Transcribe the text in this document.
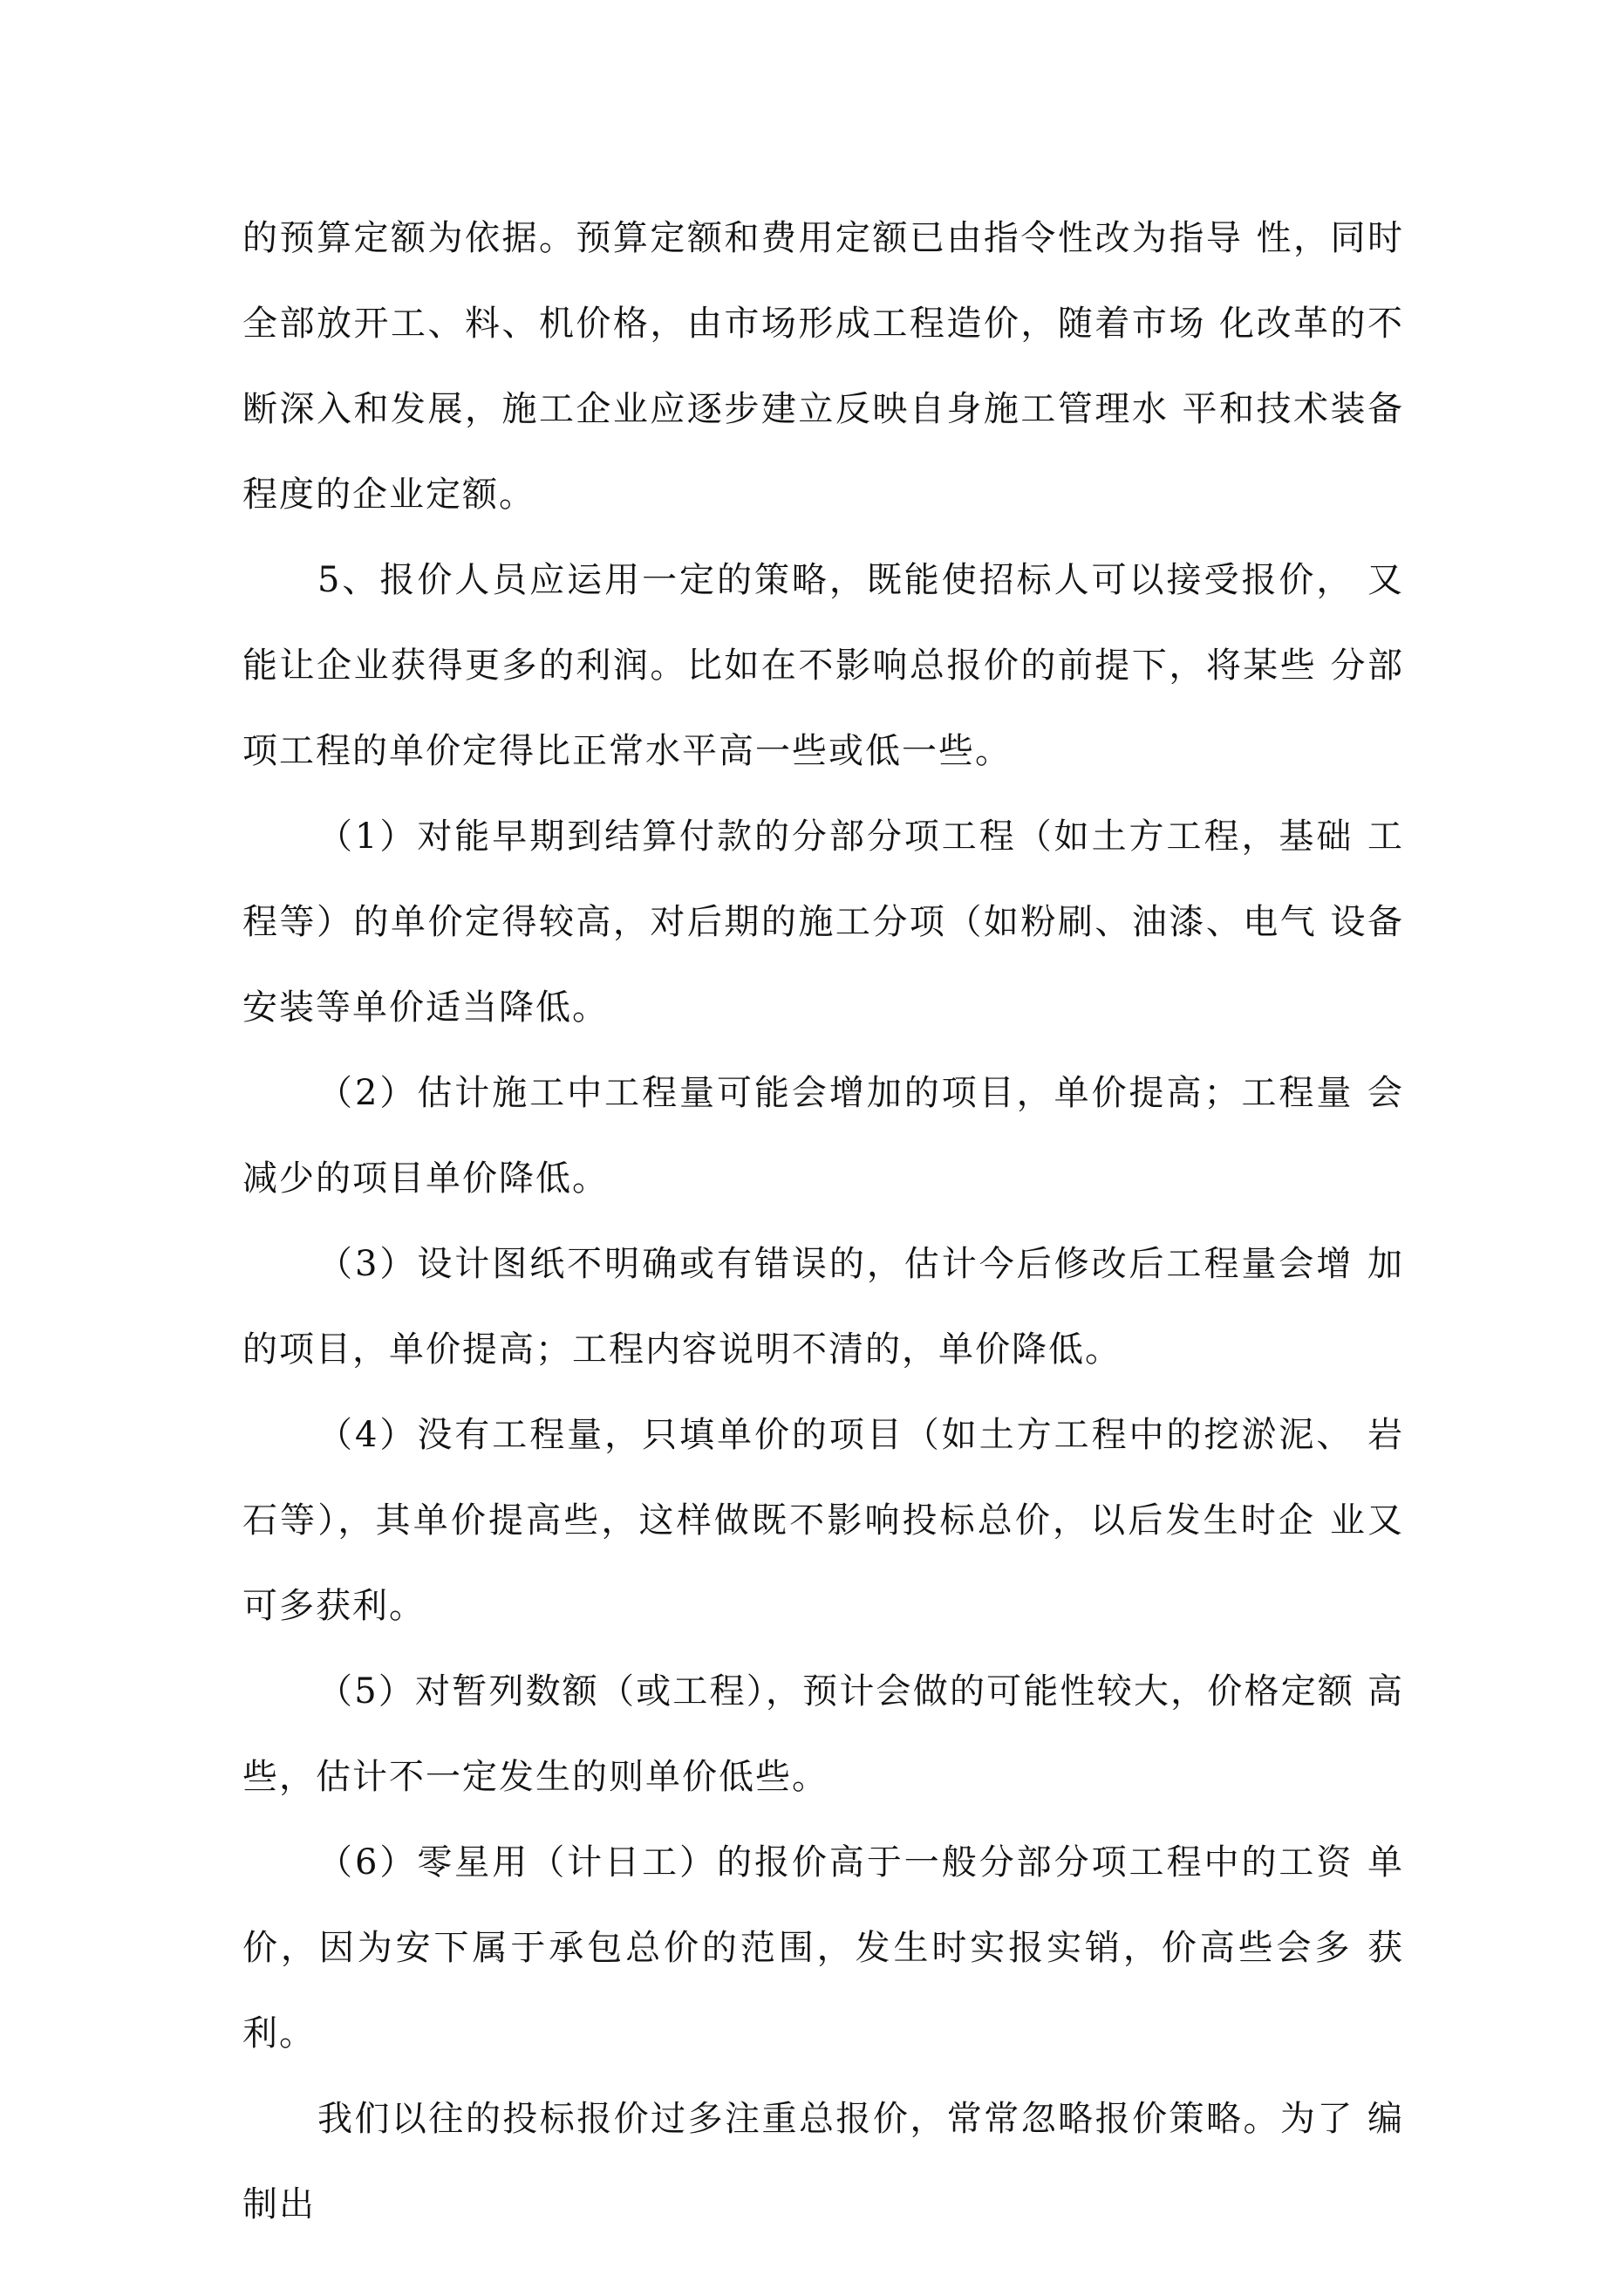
的预算定额为依据。预算定额和费用定额已由指令性改为指导 性，同时全部放开工、料、机价格，由市场形成工程造价，随着市场 化改革的不断深入和发展，施工企业应逐步建立反映自身施工管理水 平和技术装备程度的企业定额。

5、报价人员应运用一定的策略，既能使招标人可以接受报价， 又能让企业获得更多的利润。比如在不影响总报价的前提下，将某些 分部项工程的单价定得比正常水平高一些或低一些。

（1）对能早期到结算付款的分部分项工程（如土方工程，基础 工程等）的单价定得较高，对后期的施工分项（如粉刷、油漆、电气 设备安装等单价适当降低。

（2）估计施工中工程量可能会增加的项目，单价提高；工程量 会减少的项目单价降低。

（3）设计图纸不明确或有错误的，估计今后修改后工程量会增 加的项目，单价提高；工程内容说明不清的，单价降低。

（4）没有工程量，只填单价的项目（如土方工程中的挖淤泥、 岩石等），其单价提高些，这样做既不影响投标总价，以后发生时企 业又可多获利。

（5）对暂列数额（或工程），预计会做的可能性较大，价格定额 高些，估计不一定发生的则单价低些。

（6）零星用（计日工）的报价高于一般分部分项工程中的工资 单价，因为安下属于承包总价的范围，发生时实报实销，价高些会多 获利。

我们以往的投标报价过多注重总报价，常常忽略报价策略。为了 编制出
